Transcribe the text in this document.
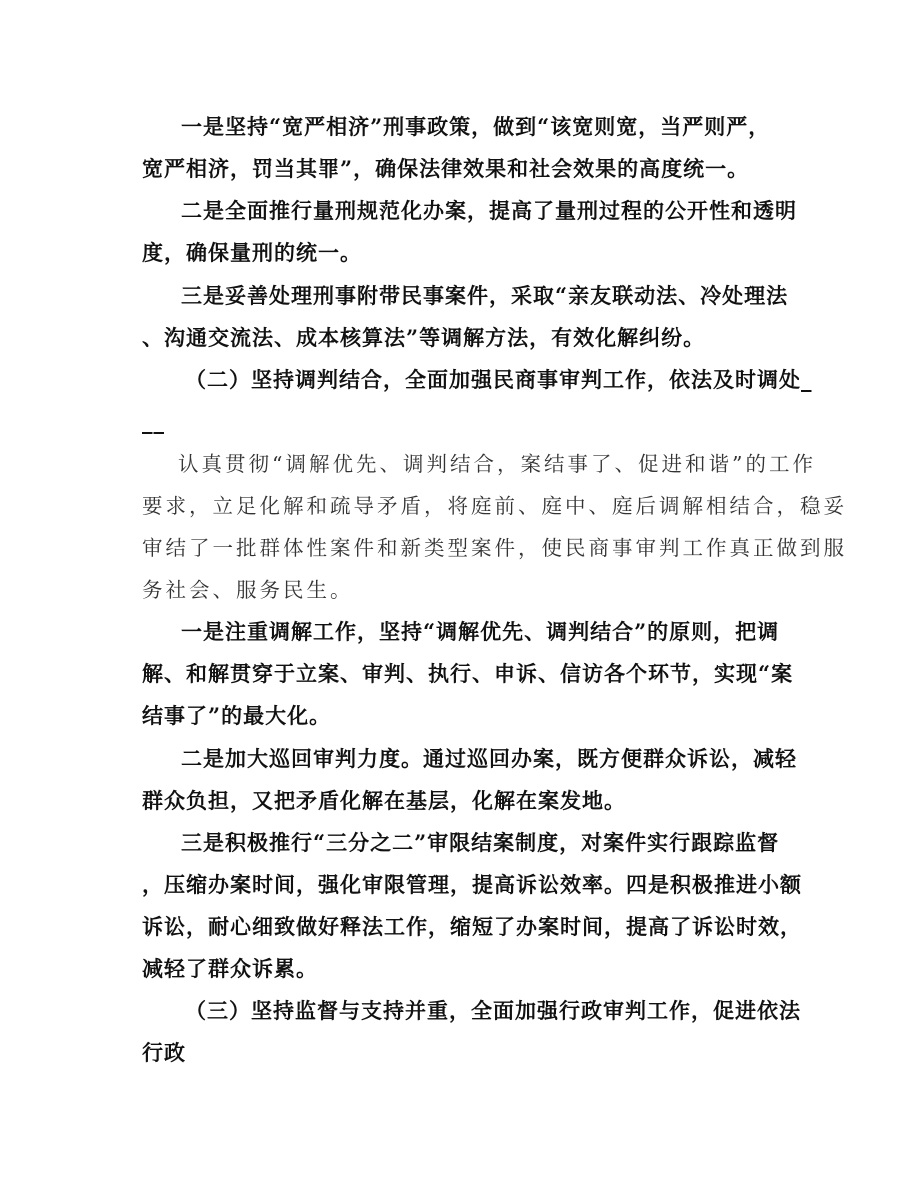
一是坚持“宽严相济”刑事政策，做到“该宽则宽，当严则严，
宽严相济，罚当其罪”，确保法律效果和社会效果的高度统一。
二是全面推行量刑规范化办案，提高了量刑过程的公开性和透明
度，确保量刑的统一。
三是妥善处理刑事附带民事案件，采取“亲友联动法、冷处理法
、沟通交流法、成本核算法”等调解方法，有效化解纠纷。
（二）坚持调判结合，全面加强民商事审判工作，依法及时调处_
__
认真贯彻“调解优先、调判结合，案结事了、促进和谐”的工作
要求，立足化解和疏导矛盾，将庭前、庭中、庭后调解相结合，稳妥
审结了一批群体性案件和新类型案件，使民商事审判工作真正做到服
务社会、服务民生。
一是注重调解工作，坚持“调解优先、调判结合”的原则，把调
解、和解贯穿于立案、审判、执行、申诉、信访各个环节，实现“案
结事了”的最大化。
二是加大巡回审判力度。通过巡回办案，既方便群众诉讼，减轻
群众负担，又把矛盾化解在基层，化解在案发地。
三是积极推行“三分之二”审限结案制度，对案件实行跟踪监督
，压缩办案时间，强化审限管理，提高诉讼效率。四是积极推进小额
诉讼，耐心细致做好释法工作，缩短了办案时间，提高了诉讼时效，
减轻了群众诉累。
（三）坚持监督与支持并重，全面加强行政审判工作，促进依法
行政
